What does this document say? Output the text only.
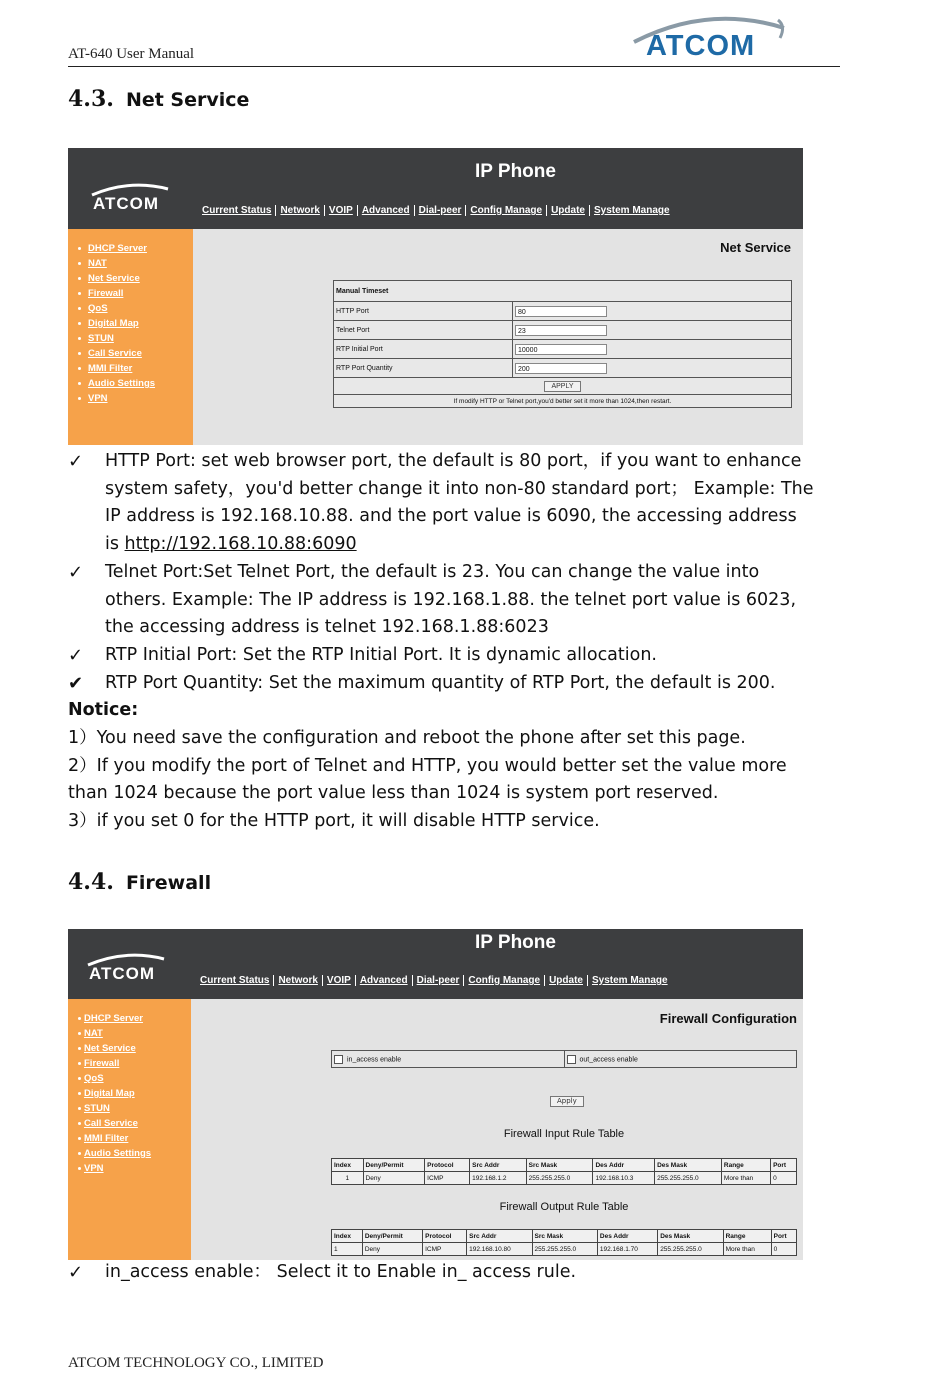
AT-640 User Manual	ATCOM
4.3. Net Service
IP Phone
ATCOM	Current Status Network VOIP Advanced Dial-peer Config Manage Update System Manage
DHCP Server
NAT
Net Service
Firewall
QoS
Digital Map
STUN
Call Service
MMI Filter
Audio Settings
VPN
Net Service
Manual Timeset	
HTTP Port	80
Telnet Port	23
RTP Initial Port	10000
RTP Port Quantity	200
APPLY	
If modify HTTP or Telnet port,you'd better set it more than 1024,then restart.	
✓ HTTP Port: set web browser port, the default is 80 port，if you want to enhance
system safety，you'd better change it into non-80 standard port； Example: The
IP address is 192.168.10.88. and the port value is 6090, the accessing address
is http://192.168.10.88:6090
✓ Telnet Port:Set Telnet Port, the default is 23. You can change the value into
others. Example: The IP address is 192.168.1.88. the telnet port value is 6023,
the accessing address is telnet 192.168.1.88:6023
✓ RTP Initial Port: Set the RTP Initial Port. It is dynamic allocation.
✔ RTP Port Quantity: Set the maximum quantity of RTP Port, the default is 200.
Notice:
1）You need save the configuration and reboot the phone after set this page.
2）If you modify the port of Telnet and HTTP, you would better set the value more
than 1024 because the port value less than 1024 is system port reserved.
3）if you set 0 for the HTTP port, it will disable HTTP service.
4.4. Firewall
IP Phone
ATCOM	Current Status Network VOIP Advanced Dial-peer Config Manage Update System Manage
DHCP Server
NAT
Net Service
Firewall
QoS
Digital Map
STUN
Call Service
MMI Filter
Audio Settings
VPN
Firewall Configuration
in_access enable	out_access enable
Apply
Firewall Input Rule Table
Index	Deny/Permit	Protocol	Src Addr	Src Mask	Des Addr	Des Mask	Range	Port
1	Deny	ICMP	192.168.1.2	255.255.255.0	192.168.10.3	255.255.255.0	More than	0
Firewall Output Rule Table
Index	Deny/Permit	Protocol	Src Addr	Src Mask	Des Addr	Des Mask	Range	Port
1	Deny	ICMP	192.168.10.80	255.255.255.0	192.168.1.70	255.255.255.0	More than	0
✓ in_access enable： Select it to Enable in_ access rule.
ATCOM TECHNOLOGY CO., LIMITED
